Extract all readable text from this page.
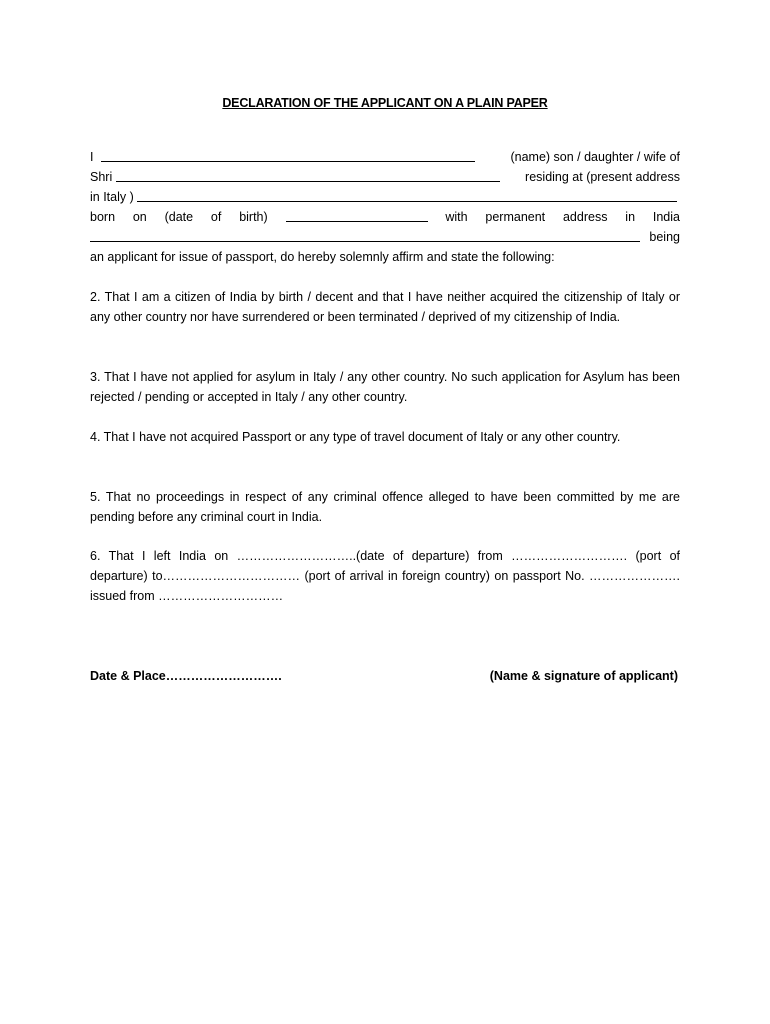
DECLARATION OF THE APPLICANT ON A PLAIN PAPER
I	(name) son / daughter / wife of
Shri	residing at (present address
in Italy )
born on (date of birth)	with permanent address in India
being
an applicant for issue of passport, do hereby solemnly affirm and state the following:

2. That I am a citizen of India by birth / decent and that I have neither acquired the citizenship of Italy or any other country nor have surrendered or been terminated / deprived of my citizenship of India.

3. That I have not applied for asylum in Italy / any other country. No such application for Asylum has been rejected / pending or accepted in Italy / any other country.

4. That I have not acquired Passport or any type of travel document of Italy or any other country.

5. That no proceedings in respect of any criminal offence alleged to have been committed by me are pending before any criminal court in India.

6. That I left India on ………………………..(date of departure) from ………………………. (port of departure) to…………………………… (port of arrival in foreign country) on passport No. …………………. issued from …………………………

Date & Place……………………….	(Name & signature of applicant)
